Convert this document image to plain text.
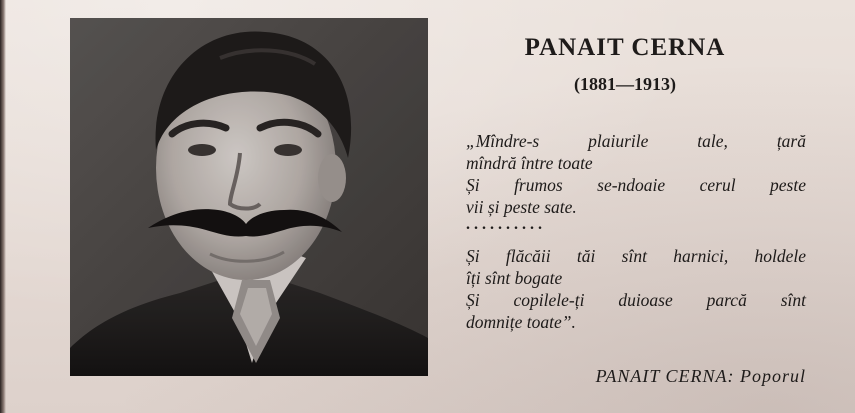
PANAIT CERNA
(1881—1913)
„Mîndre-s plaiurile tale, țară
mîndră între toate
Și frumos se-ndoaie cerul peste
vii și peste sate.
. . . . . . . . . .
Și flăcăii tăi sînt harnici, holdele
îți sînt bogate
Și copilele-ți duioase parcă sînt
domnițe toate”.
PANAIT CERNA: Poporul
